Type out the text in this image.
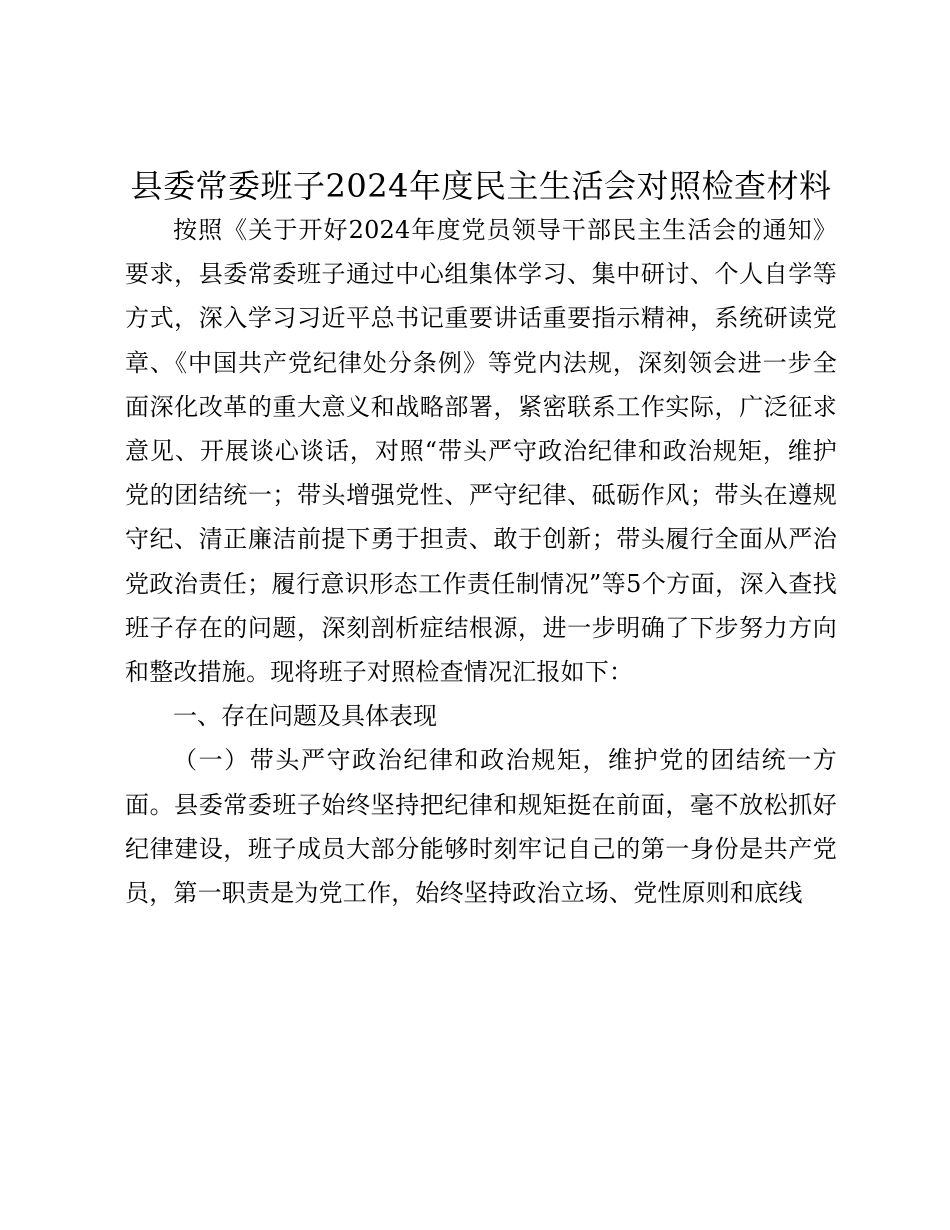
县委常委班子2024年度民主生活会对照检查材料

按照《关于开好2024年度党员领导干部民主生活会的通知》要求，县委常委班子通过中心组集体学习、集中研讨、个人自学等方式，深入学习习近平总书记重要讲话重要指示精神，系统研读党章、《中国共产党纪律处分条例》等党内法规，深刻领会进一步全面深化改革的重大意义和战略部署，紧密联系工作实际，广泛征求意见、开展谈心谈话，对照“带头严守政治纪律和政治规矩，维护党的团结统一；带头增强党性、严守纪律、砥砺作风；带头在遵规守纪、清正廉洁前提下勇于担责、敢于创新；带头履行全面从严治党政治责任；履行意识形态工作责任制情况”等5个方面，深入查找班子存在的问题，深刻剖析症结根源，进一步明确了下步努力方向和整改措施。现将班子对照检查情况汇报如下：

一、存在问题及具体表现

（一）带头严守政治纪律和政治规矩，维护党的团结统一方面。县委常委班子始终坚持把纪律和规矩挺在前面，毫不放松抓好纪律建设，班子成员大部分能够时刻牢记自己的第一身份是共产党员，第一职责是为党工作，始终坚持政治立场、党性原则和底线
